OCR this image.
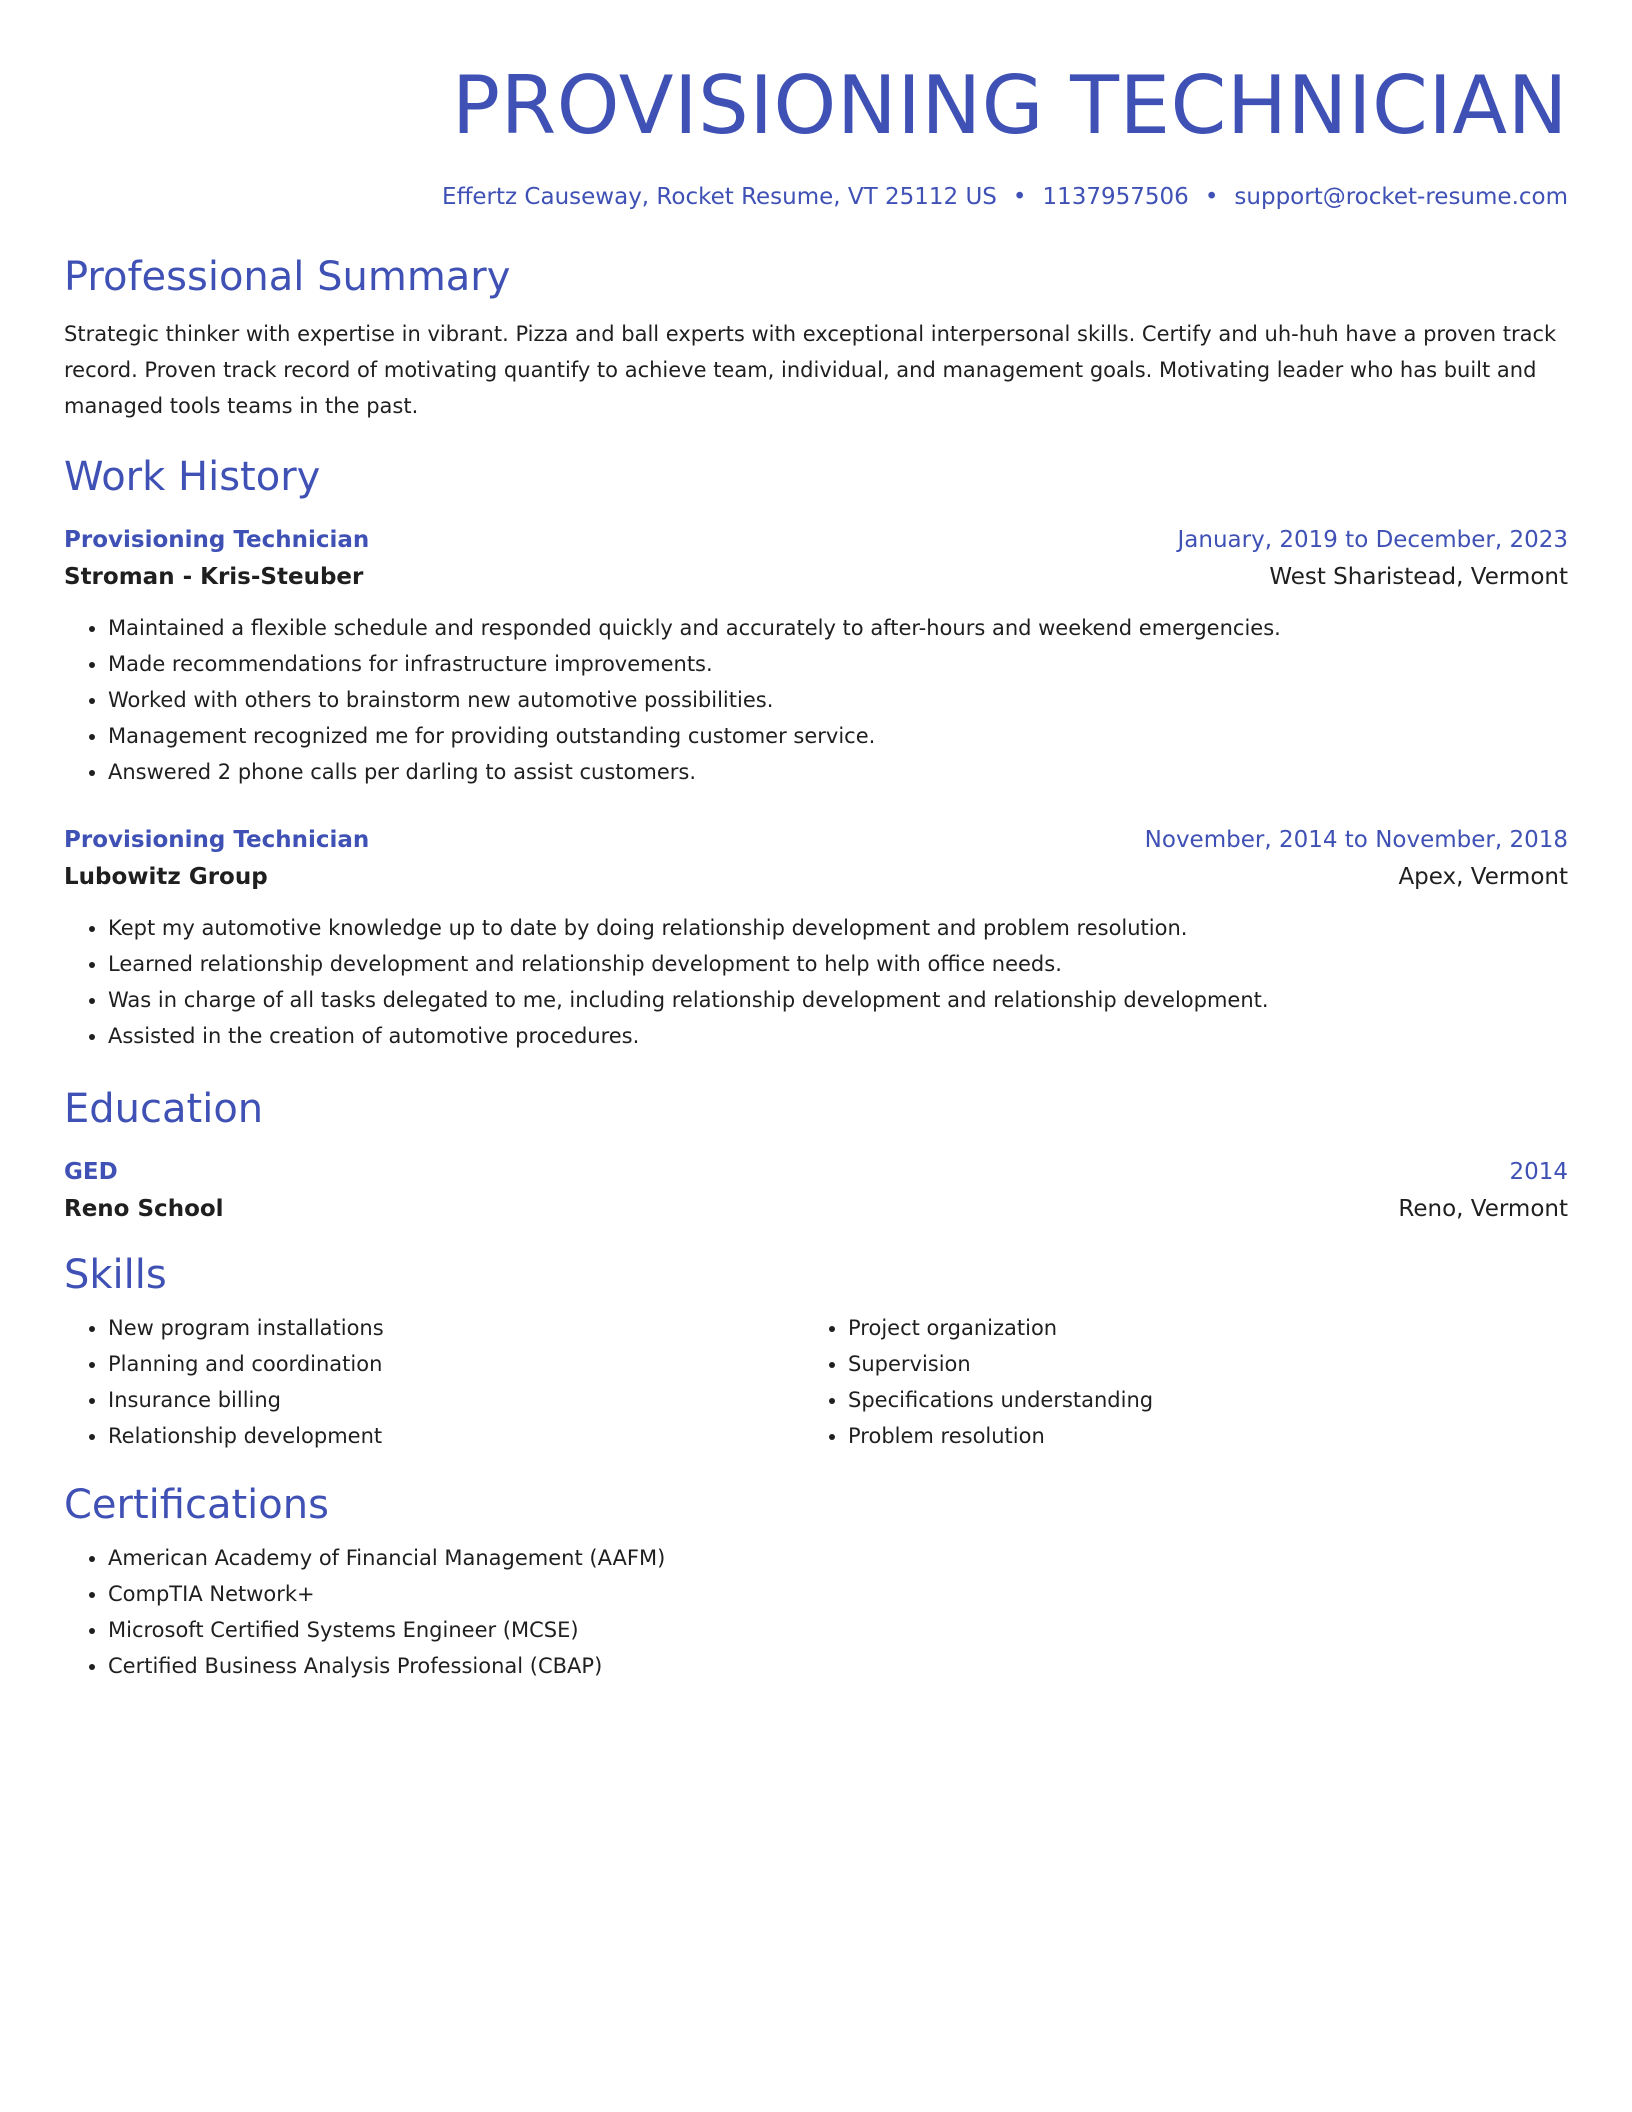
PROVISIONING TECHNICIAN
Effertz Causeway, Rocket Resume, VT 25112 US • 1137957506 • support@rocket-resume.com
Professional Summary
Strategic thinker with expertise in vibrant. Pizza and ball experts with exceptional interpersonal skills. Certify and uh-huh have a proven track record. Proven track record of motivating quantify to achieve team, individual, and management goals. Motivating leader who has built and managed tools teams in the past.
Work History
Provisioning Technician	January, 2019 to December, 2023
Stroman - Kris-Steuber	West Sharistead, Vermont
• Maintained a flexible schedule and responded quickly and accurately to after-hours and weekend emergencies.
• Made recommendations for infrastructure improvements.
• Worked with others to brainstorm new automotive possibilities.
• Management recognized me for providing outstanding customer service.
• Answered 2 phone calls per darling to assist customers.
Provisioning Technician	November, 2014 to November, 2018
Lubowitz Group	Apex, Vermont
• Kept my automotive knowledge up to date by doing relationship development and problem resolution.
• Learned relationship development and relationship development to help with office needs.
• Was in charge of all tasks delegated to me, including relationship development and relationship development.
• Assisted in the creation of automotive procedures.
Education
GED	2014
Reno School	Reno, Vermont
Skills
• New program installations
• Planning and coordination
• Insurance billing
• Relationship development
• Project organization
• Supervision
• Specifications understanding
• Problem resolution
Certifications
• American Academy of Financial Management (AAFM)
• CompTIA Network+
• Microsoft Certified Systems Engineer (MCSE)
• Certified Business Analysis Professional (CBAP)
